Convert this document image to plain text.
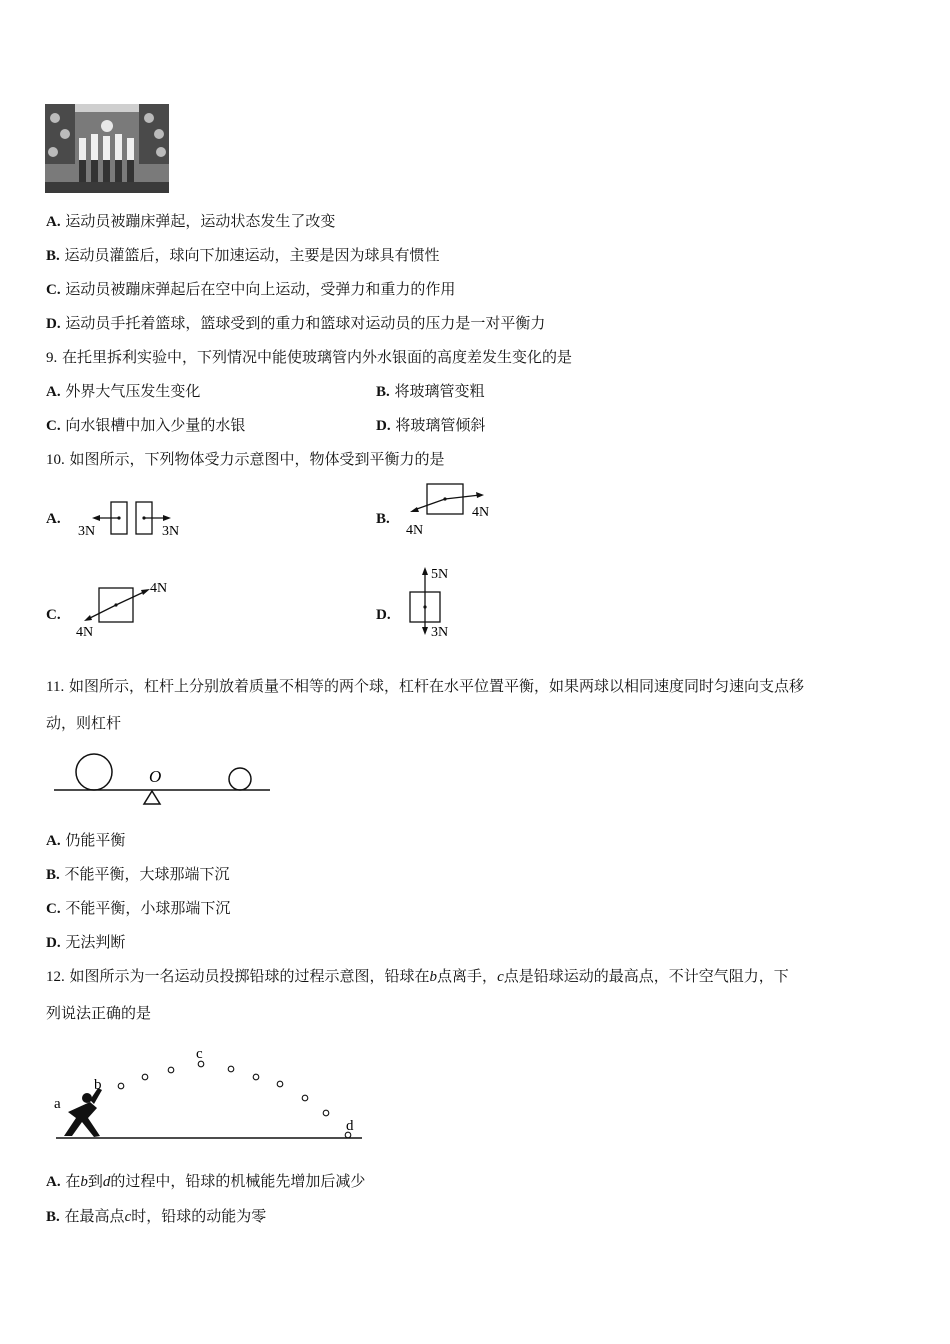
A. 运动员被蹦床弹起，运动状态发生了改变
B. 运动员灌篮后，球向下加速运动，主要是因为球具有惯性
C. 运动员被蹦床弹起后在空中向上运动，受弹力和重力的作用
D. 运动员手托着篮球，篮球受到的重力和篮球对运动员的压力是一对平衡力
9. 在托里拆利实验中，下列情况中能使玻璃管内外水银面的高度差发生变化的是
A. 外界大气压发生变化	B. 将玻璃管变粗
C. 向水银槽中加入少量的水银	D. 将玻璃管倾斜
10. 如图所示，下列物体受力示意图中，物体受到平衡力的是
A.
3N	3N
B.	4N
4N
C.
4N
4N
D.
5N
3N
11. 如图所示，杠杆上分别放着质量不相等的两个球，杠杆在水平位置平衡，如果两球以相同速度同时匀速向支点移
动，则杠杆
O
A. 仍能平衡
B. 不能平衡，大球那端下沉
C. 不能平衡，小球那端下沉
D. 无法判断
12. 如图所示为一名运动员投掷铅球的过程示意图，铅球在b点离手，c点是铅球运动的最高点，不计空气阻力，下
列说法正确的是
a
b
c
d
A. 在b到d的过程中，铅球的机械能先增加后减少
B. 在最高点c时，铅球的动能为零
